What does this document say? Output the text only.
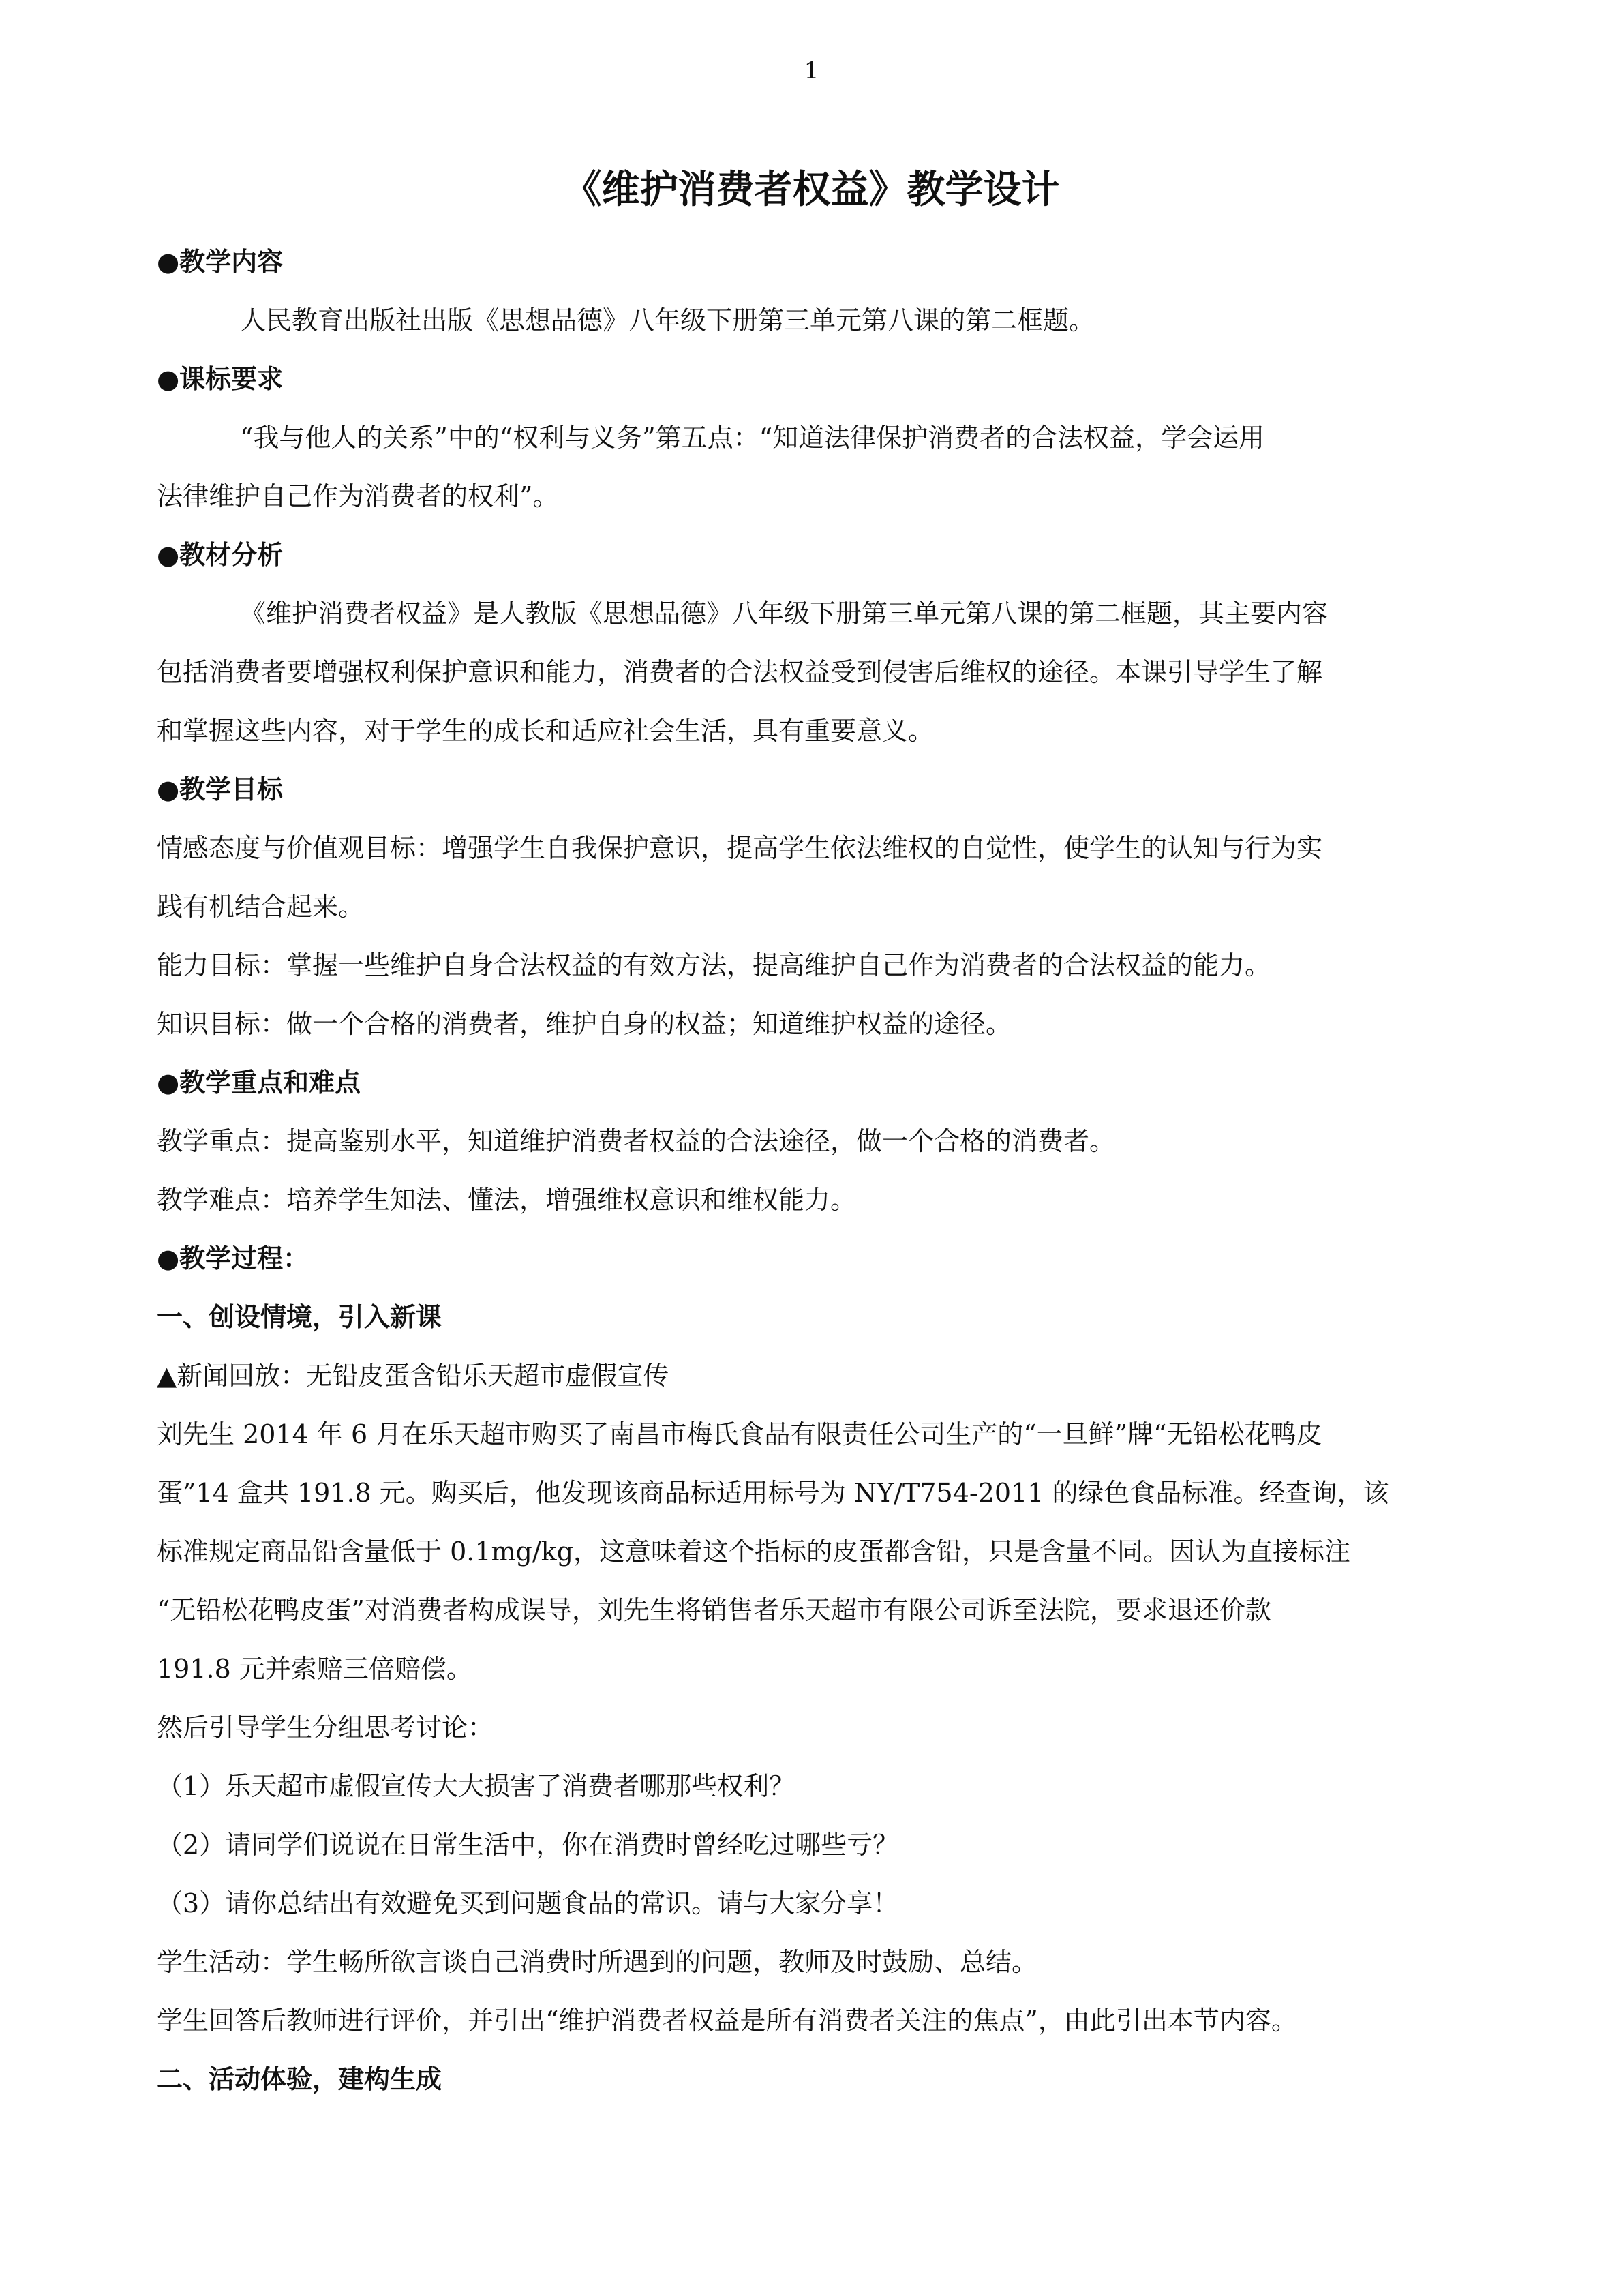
1
《维护消费者权益》教学设计
●教学内容
人民教育出版社出版《思想品德》八年级下册第三单元第八课的第二框题。
●课标要求
“我与他人的关系”中的“权利与义务”第五点：“知道法律保护消费者的合法权益，学会运用
法律维护自己作为消费者的权利”。
●教材分析
《维护消费者权益》是人教版《思想品德》八年级下册第三单元第八课的第二框题，其主要内容
包括消费者要增强权利保护意识和能力，消费者的合法权益受到侵害后维权的途径。本课引导学生了解
和掌握这些内容，对于学生的成长和适应社会生活，具有重要意义。
●教学目标
情感态度与价值观目标：增强学生自我保护意识，提高学生依法维权的自觉性，使学生的认知与行为实
践有机结合起来。
能力目标：掌握一些维护自身合法权益的有效方法，提高维护自己作为消费者的合法权益的能力。
知识目标：做一个合格的消费者，维护自身的权益；知道维护权益的途径。
●教学重点和难点
教学重点：提高鉴别水平，知道维护消费者权益的合法途径，做一个合格的消费者。
教学难点：培养学生知法、懂法，增强维权意识和维权能力。
●教学过程：
一、创设情境，引入新课
▲新闻回放：无铅皮蛋含铅乐天超市虚假宣传
刘先生 2014 年 6 月在乐天超市购买了南昌市梅氏食品有限责任公司生产的“一旦鲜”牌“无铅松花鸭皮
蛋”14 盒共 191.8 元。购买后，他发现该商品标适用标号为 NY/T754-2011 的绿色食品标准。经查询，该
标准规定商品铅含量低于 0.1mg/kg，这意味着这个指标的皮蛋都含铅，只是含量不同。因认为直接标注
“无铅松花鸭皮蛋”对消费者构成误导，刘先生将销售者乐天超市有限公司诉至法院，要求退还价款
191.8 元并索赔三倍赔偿。
然后引导学生分组思考讨论：
（1）乐天超市虚假宣传大大损害了消费者哪那些权利？
（2）请同学们说说在日常生活中，你在消费时曾经吃过哪些亏？
（3）请你总结出有效避免买到问题食品的常识。请与大家分享！
学生活动：学生畅所欲言谈自己消费时所遇到的问题，教师及时鼓励、总结。
学生回答后教师进行评价，并引出“维护消费者权益是所有消费者关注的焦点”，由此引出本节内容。
二、活动体验，建构生成
